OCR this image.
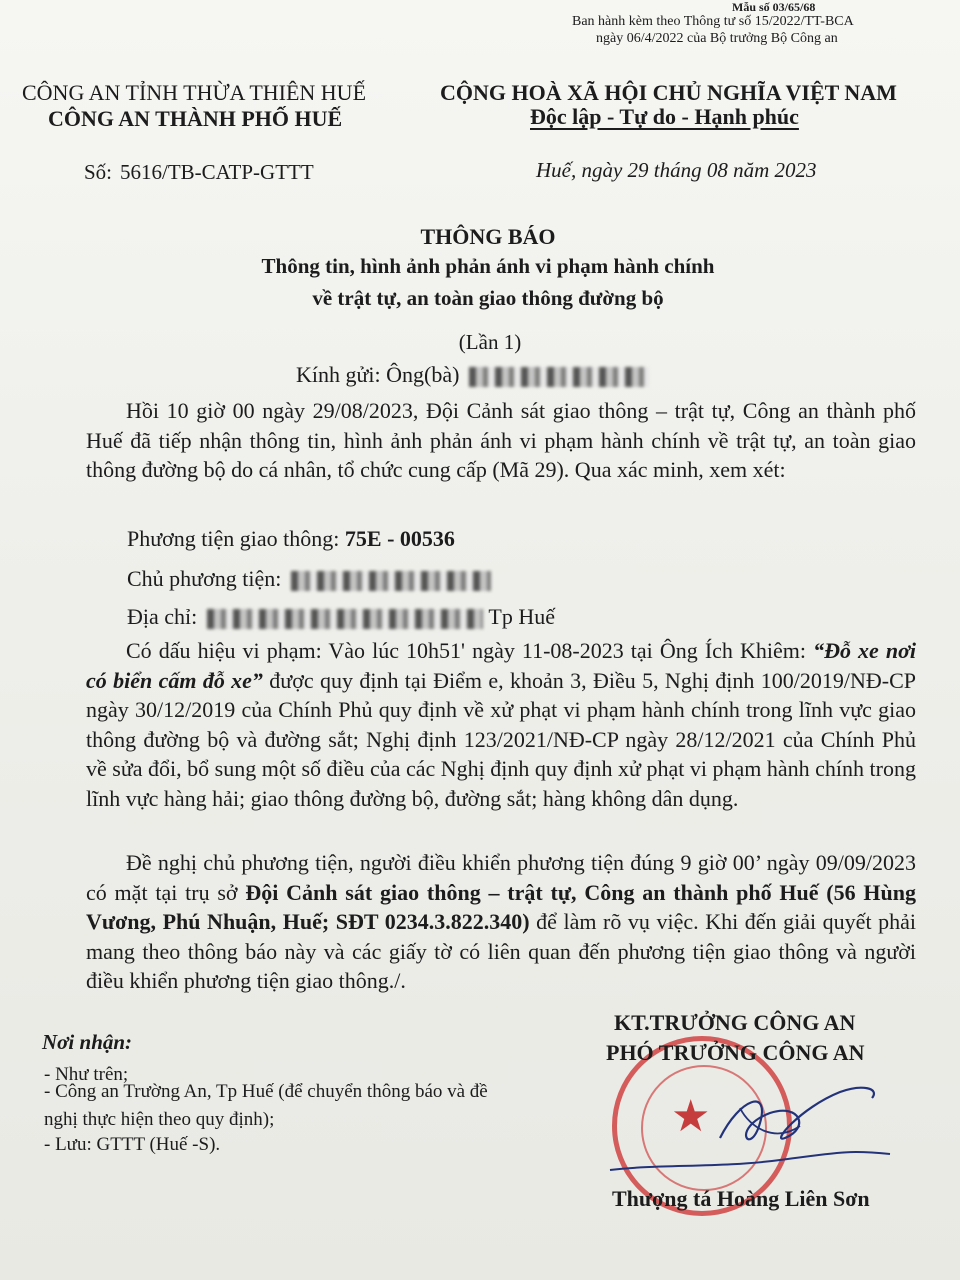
Mẫu số 03/65/68
Ban hành kèm theo Thông tư số 15/2022/TT-BCA
ngày 06/4/2022 của Bộ trưởng Bộ Công an
CÔNG AN TỈNH THỪA THIÊN HUẾ
CÔNG AN THÀNH PHỐ HUẾ
CỘNG HOÀ XÃ HỘI CHỦ NGHĨA VIỆT NAM
Độc lập - Tự do - Hạnh phúc
Số: 5616/TB-CATP-GTTT	Huế, ngày 29 tháng 08 năm 2023
THÔNG BÁO
Thông tin, hình ảnh phản ánh vi phạm hành chính
về trật tự, an toàn giao thông đường bộ
(Lần 1)
Kính gửi: Ông(bà)
Hồi 10 giờ 00 ngày 29/08/2023, Đội Cảnh sát giao thông – trật tự, Công an thành phố Huế đã tiếp nhận thông tin, hình ảnh phản ánh vi phạm hành chính về trật tự, an toàn giao thông đường bộ do cá nhân, tổ chức cung cấp (Mã 29). Qua xác minh, xem xét:
Phương tiện giao thông: 75E - 00536
Chủ phương tiện:
Địa chỉ:	Tp Huế
Có dấu hiệu vi phạm: Vào lúc 10h51' ngày 11-08-2023 tại Ông Ích Khiêm: “Đỗ xe nơi có biển cấm đỗ xe” được quy định tại Điểm e, khoản 3, Điều 5, Nghị định 100/2019/NĐ-CP ngày 30/12/2019 của Chính Phủ quy định về xử phạt vi phạm hành chính trong lĩnh vực giao thông đường bộ và đường sắt; Nghị định 123/2021/NĐ-CP ngày 28/12/2021 của Chính Phủ về sửa đổi, bổ sung một số điều của các Nghị định quy định xử phạt vi phạm hành chính trong lĩnh vực hàng hải; giao thông đường bộ, đường sắt; hàng không dân dụng.
Đề nghị chủ phương tiện, người điều khiển phương tiện đúng 9 giờ 00’ ngày 09/09/2023 có mặt tại trụ sở Đội Cảnh sát giao thông – trật tự, Công an thành phố Huế (56 Hùng Vương, Phú Nhuận, Huế; SĐT 0234.3.822.340) để làm rõ vụ việc. Khi đến giải quyết phải mang theo thông báo này và các giấy tờ có liên quan đến phương tiện giao thông và người điều khiển phương tiện giao thông./.
Nơi nhận:
- Như trên;
- Công an Trường An, Tp Huế (để chuyển thông báo và đề nghị thực hiện theo quy định);
- Lưu: GTTT (Huế -S).
★
KT.TRƯỞNG CÔNG AN
PHÓ TRƯỞNG CÔNG AN
Thượng tá Hoàng Liên Sơn
